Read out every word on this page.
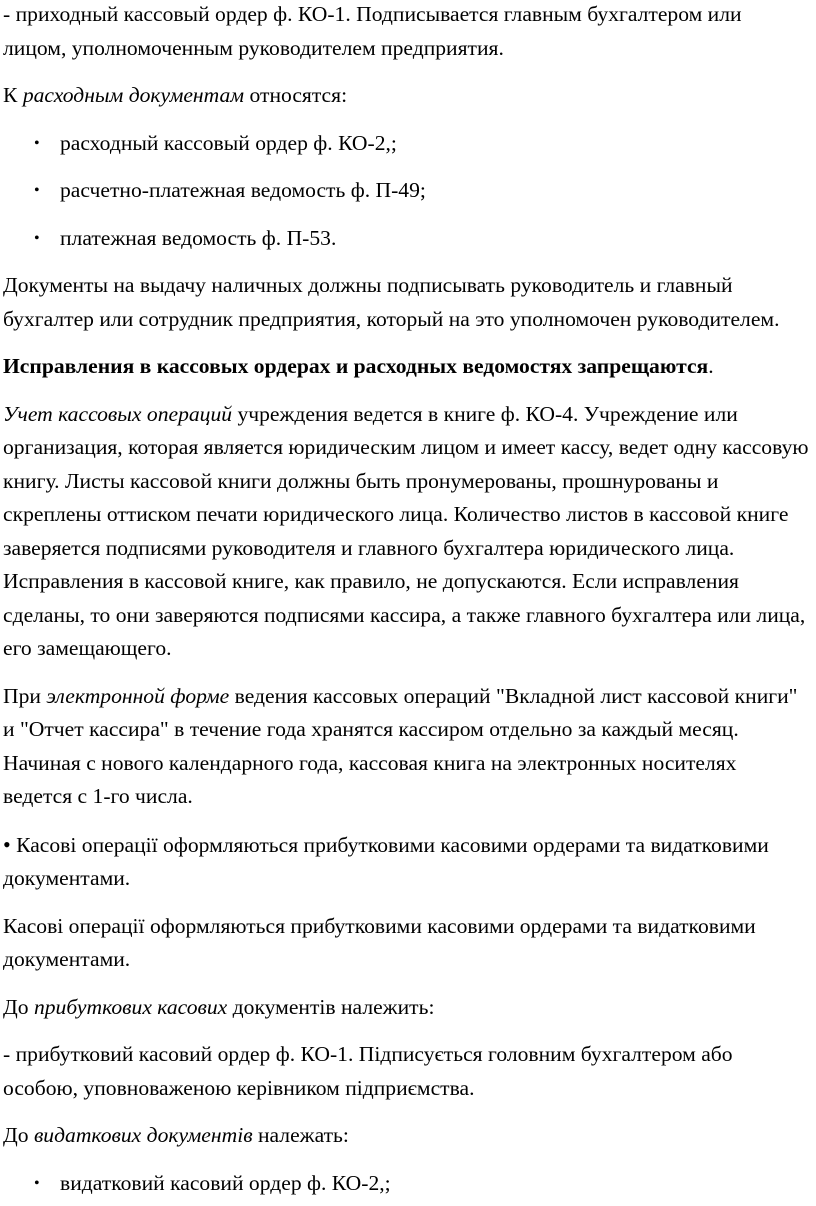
- приходный кассовый ордер ф. КО-1. Подписывается главным бухгалтером или лицом, уполномоченным руководителем предприятия.

К расходным документам относятся:

• расходный кассовый ордер ф. КО-2,;
• расчетно-платежная ведомость ф. П-49;
• платежная ведомость ф. П-53.

Документы на выдачу наличных должны подписывать руководитель и главный бухгалтер или сотрудник предприятия, который на это уполномочен руководителем.

Исправления в кассовых ордерах и расходных ведомостях запрещаются.

Учет кассовых операций учреждения ведется в книге ф. КО-4. Учреждение или организация, которая является юридическим лицом и имеет кассу, ведет одну кассовую книгу. Листы кассовой книги должны быть пронумерованы, прошнурованы и скреплены оттиском печати юридического лица. Количество листов в кассовой книге заверяется подписями руководителя и главного бухгалтера юридического лица. Исправления в кассовой книге, как правило, не допускаются. Если исправления сделаны, то они заверяются подписями кассира, а также главного бухгалтера или лица, его замещающего.

При электронной форме ведения кассовых операций "Вкладной лист кассовой книги" и "Отчет кассира" в течение года хранятся кассиром отдельно за каждый месяц. Начиная с нового календарного года, кассовая книга на электронных носителях ведется с 1-го числа.

• Касові операції оформляються прибутковими касовими ордерами та видатковими документами.

Касові операції оформляються прибутковими касовими ордерами та видатковими документами.

До прибуткових касових документів належить:

- прибутковий касовий ордер ф. КО-1. Підписується головним бухгалтером або особою, уповноваженою керівником підприємства.

До видаткових документів належать:

• видатковий касовий ордер ф. КО-2,;
